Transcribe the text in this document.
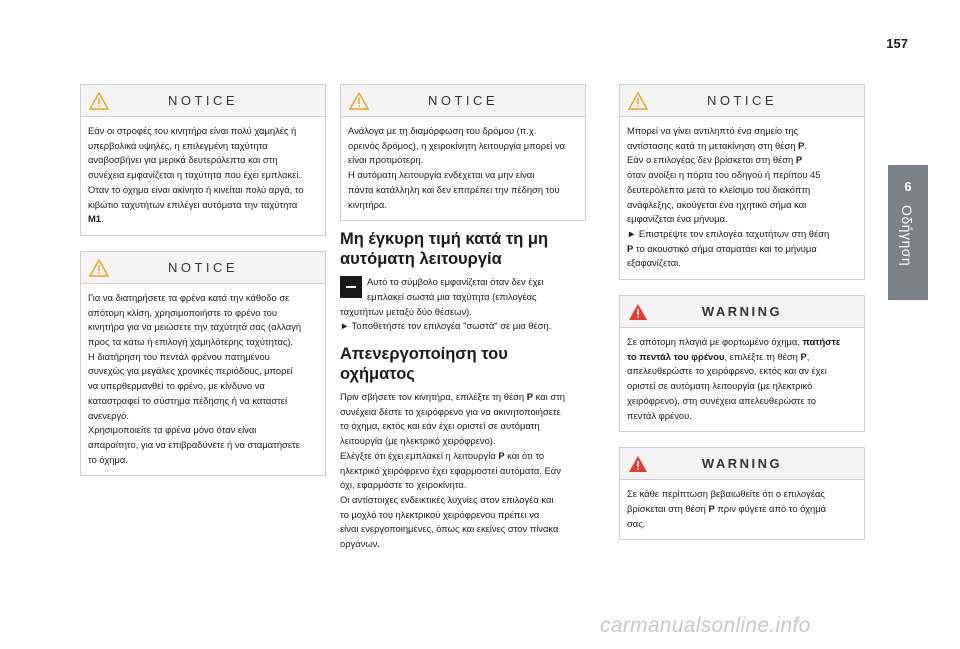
157
6
Οδήγηση
NOTICE

Εάν οι στροφές του κινητήρα είναι πολύ χαμηλές ή

υπερβολικά υψηλές, η επιλεγμένη ταχύτητα

αναβοσβήνει για μερικά δευτερόλεπτα και στη

συνέχεια εμφανίζεται η ταχύτητα που έχει εμπλακεί.

Όταν το όχημα είναι ακίνητο ή κινείται πολύ αργά, το

κιβώτιο ταχυτήτων επιλέγει αυτόματα την ταχύτητα

M1.

NOTICE

Για να διατηρήσετε τα φρένα κατά την κάθοδο σε

απότομη κλίση, χρησιμοποιήστε το φρένο του

κινητήρα για να μειώσετε την ταχύτητά σας (αλλαγή

προς τα κάτω ή επιλογή χαμηλότερης ταχύτητας).

Η διατήρηση του πεντάλ φρένου πατημένου

συνεχώς για μεγάλες χρονικές περιόδους, μπορεί

να υπερθερμανθεί το φρένο, με κίνδυνο να

καταστραφεί το σύστημα πέδησης ή να καταστεί

ανενεργό.

Χρησιμοποιείτε τα φρένα μόνο όταν είναι

απαραίτητο, για να επιβραδύνετε ή να σταματήσετε

το όχημα.

NOTICE

Ανάλογα με τη διαμόρφωση του δρόμου (π.χ.

ορεινός δρόμος), η χειροκίνητη λειτουργία μπορεί να

είναι προτιμότερη.

Η αυτόματη λειτουργία ενδέχεται να μην είναι

πάντα κατάλληλη και δεν επιτρέπει την πέδηση του

κινητήρα.

Μη έγκυρη τιμή κατά τη μη
αυτόματη λειτουργία

Αυτό το σύμβολο εμφανίζεται όταν δεν έχει

εμπλακεί σωστά μια ταχύτητα (επιλογέας

ταχυτήτων μεταξύ δύο θέσεων).

► Τοποθετήστε τον επιλογέα "σωστά" σε μια θέση.

Απενεργοποίηση του οχήματος

Πριν σβήσετε τον κινητήρα, επιλέξτε τη θέση P και στη

συνέχεια δέστε το χειρόφρενο για να ακινητοποιήσετε

το όχημα, εκτός και εάν έχει οριστεί σε αυτόματη

λειτουργία (με ηλεκτρικό χειρόφρενο).

Ελέγξτε ότι έχει εμπλακεί η λειτουργία P και ότι το

ηλεκτρικό χειρόφρενο έχει εφαρμοστεί αυτόματα. Εάν

όχι, εφαρμόστε το χειροκίνητα.

Οι αντίστοιχες ενδεικτικές λυχνίες στον επιλογέα και

το μοχλό του ηλεκτρικού χειρόφρενου πρέπει να

είναι ενεργοποιημένες, όπως και εκείνες στον πίνακα

οργάνων.

NOTICE

Μπορεί να γίνει αντιληπτό ένα σημείο της

αντίστασης κατά τη μετακίνηση στη θέση P.

Εάν ο επιλογέας δεν βρίσκεται στη θέση P

όταν ανοίξει η πόρτα του οδηγού ή περίπου 45

δευτερόλεπτα μετά το κλείσιμο του διακόπτη

ανάφλεξης, ακούγεται ένα ηχητικό σήμα και

εμφανίζεται ένα μήνυμα.

► Επιστρέψτε τον επιλογέα ταχυτήτων στη θέση

P το ακουστικό σήμα σταματάει και το μήνυμα

εξαφανίζεται.

WARNING

Σε απότομη πλαγιά με φορτωμένο όχημα, πατήστε

το πεντάλ του φρένου, επιλέξτε τη θέση P,

απελευθερώστε το χειρόφρενο, εκτός και αν έχει

οριστεί σε αυτόματη λειτουργία (με ηλεκτρικό

χειρόφρενο), στη συνέχεια απελευθερώστε το

πεντάλ φρένου.

WARNING

Σε κάθε περίπτωση βεβαιωθείτε ότι ο επιλογέας

βρίσκεται στη θέση P πριν φύγετε από το όχημά

σας.

carmanualsonline.info
